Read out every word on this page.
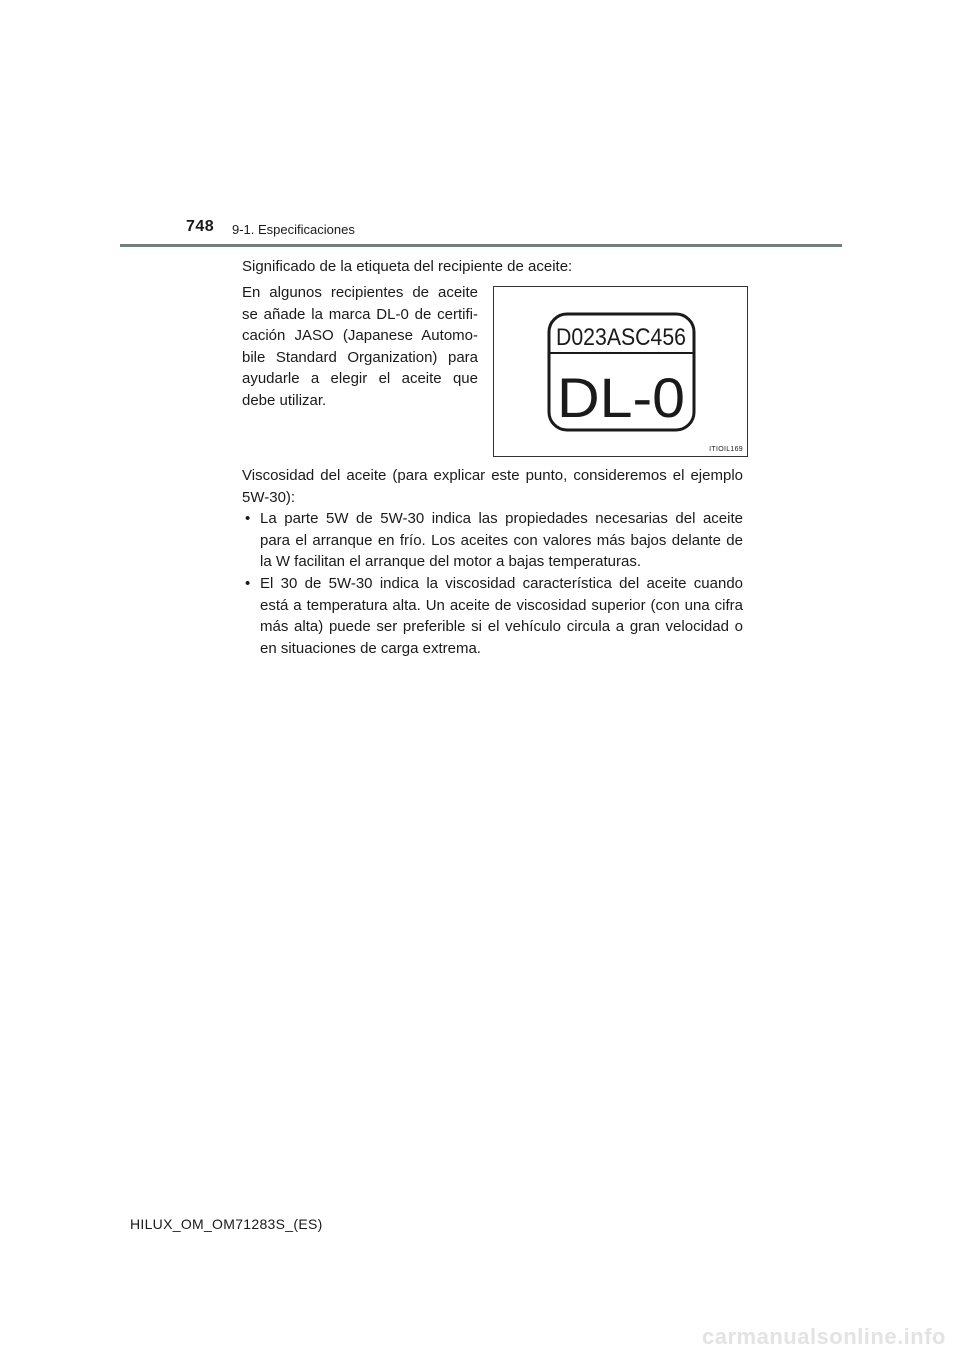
748 9-1. Especificaciones
Significado de la etiqueta del recipiente de aceite:
En algunos recipientes de aceite se añade la marca DL-0 de certifi- cación JASO (Japanese Automo- bile Standard Organization) para ayudarle a elegir el aceite que debe utilizar.
D023ASC456
DL-0
ITIOIL169

Viscosidad del aceite (para explicar este punto, consideremos el ejemplo 5W-30):

• La parte 5W de 5W-30 indica las propiedades necesarias del aceite para el arranque en frío. Los aceites con valores más bajos delante de la W facilitan el arranque del motor a bajas temperaturas.
• El 30 de 5W-30 indica la viscosidad característica del aceite cuando está a temperatura alta. Un aceite de viscosidad superior (con una cifra más alta) puede ser preferible si el vehículo circula a gran velocidad o en situaciones de carga extrema.
HILUX_OM_OM71283S_(ES)
carmanualsonline.info
